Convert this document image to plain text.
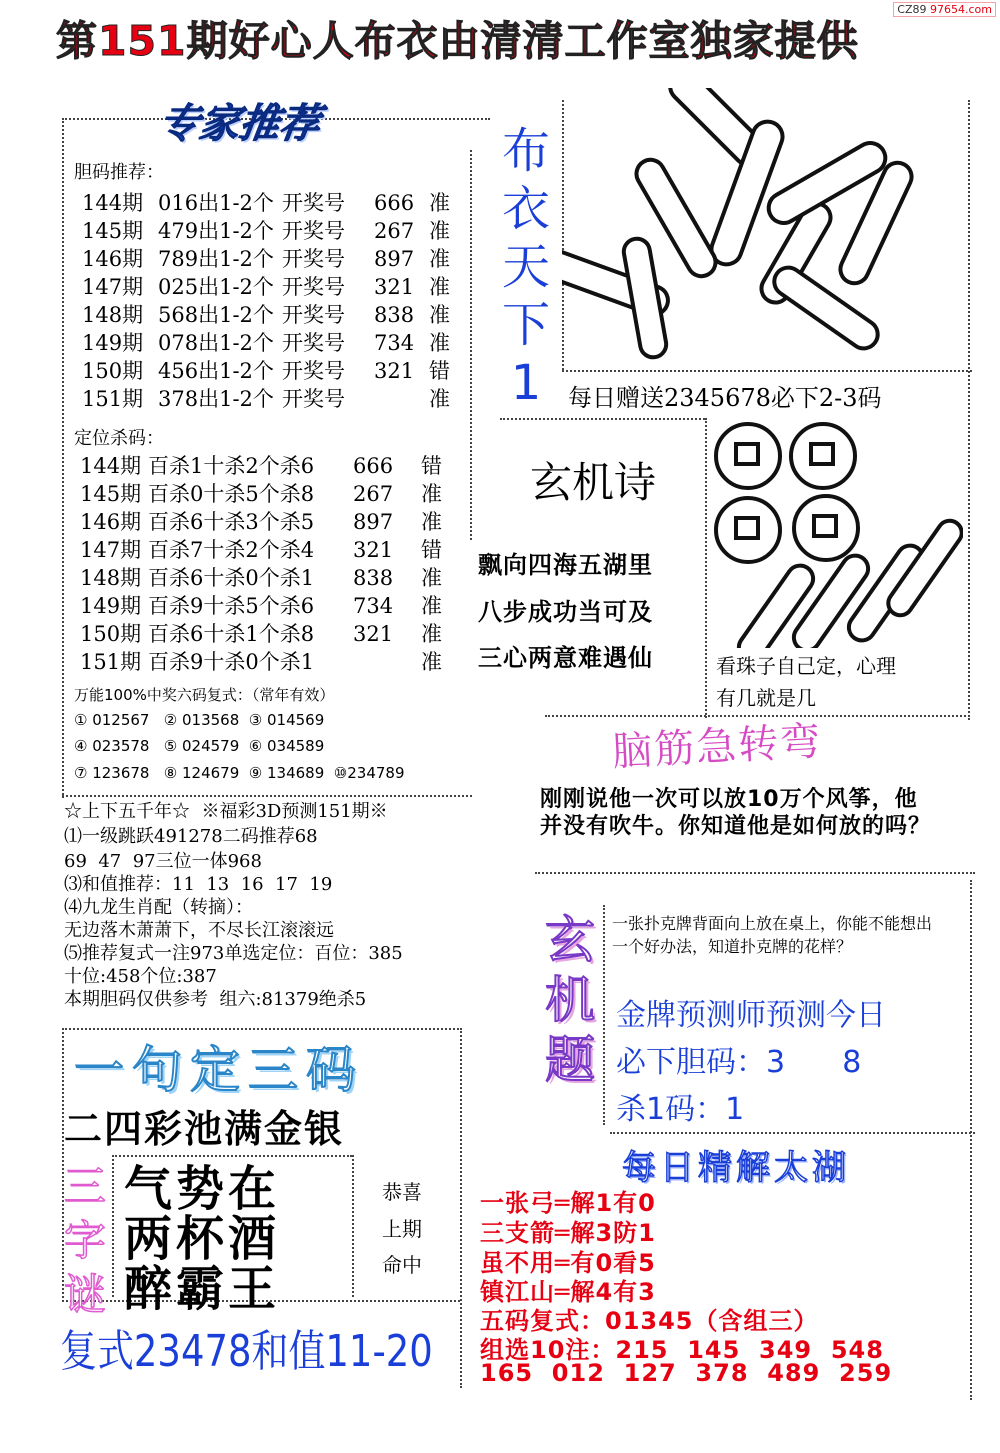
第151期好心人布衣由清清工作室独家提供
CZ89 97654.com
专家推荐
胆码推荐：
144期 016出1-2个 开奖号 666 准
145期 479出1-2个 开奖号 267 准
146期 789出1-2个 开奖号 897 准
147期 025出1-2个 开奖号 321 准
148期 568出1-2个 开奖号 838 准
149期 078出1-2个 开奖号 734 准
150期 456出1-2个 开奖号 321 错
151期 378出1-2个 开奖号	准
定位杀码：
144期 百杀1十杀2个杀6 666 错
145期 百杀0十杀5个杀8 267 准
146期 百杀6十杀3个杀5 897 准
147期 百杀7十杀2个杀4 321 错
148期 百杀6十杀0个杀1 838 准
149期 百杀9十杀5个杀6 734 准
150期 百杀6十杀1个杀8 321 准
151期 百杀9十杀0个杀1	准
万能100%中奖六码复式：（常年有效）
① 012567   ② 013568  ③ 014569
④ 023578   ⑤ 024579  ⑥ 034589
⑦ 123678   ⑧ 124679  ⑨ 134689  ⑩234789
☆上下五千年☆  ※福彩3D预测151期※
⑴一级跳跃491278二码推荐68
69  47  97三位一体968
⑶和值推荐：11  13  16  17  19
⑷九龙生肖配（转摘）：
无边落木萧萧下，不尽长江滚滚远
⑸推荐复式一注973单选定位：百位：385
十位:458个位:387
本期胆码仅供参考  组六:81379绝杀5
布
衣
天
下
1	每日赠送2345678必下2-3码
玄机诗
飘向四海五湖里
八步成功当可及
三心两意难遇仙	看珠子自己定，心理
有几就是几
脑筋急转弯
刚刚说他一次可以放10万个风筝，他并没有吹牛。你知道他是如何放的吗？
玄
机
题
一张扑克牌背面向上放在桌上，你能不能想出一个好办法，知道扑克牌的花样？
金牌预测师预测今日
必下胆码：3      8
杀1码：1
每日精解太湖
一张弓═解1有0
三支箭═解3防1
虽不用═有0看5
镇江山═解4有3
五码复式：01345（含组三）
组选10注：215  145  349  548
165  012  127  378  489  259
一句定三码
二四彩池满金银
三
字
谜
气势在
两杯酒
醉霸王
恭喜
上期
命中
复式23478和值11-20
